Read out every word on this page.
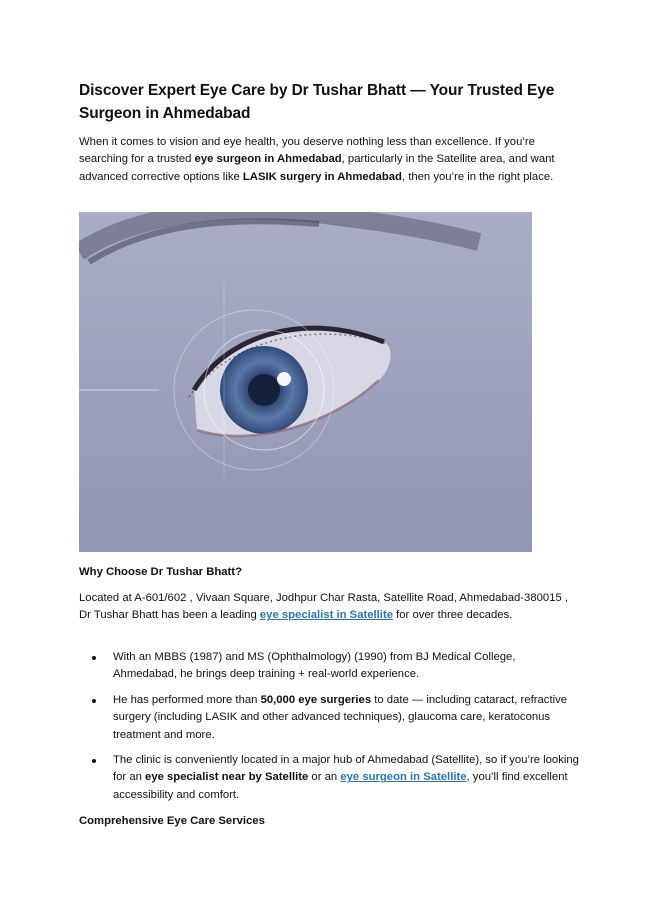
Discover Expert Eye Care by Dr Tushar Bhatt — Your Trusted Eye Surgeon in Ahmedabad
When it comes to vision and eye health, you deserve nothing less than excellence. If you’re searching for a trusted eye surgeon in Ahmedabad, particularly in the Satellite area, and want advanced corrective options like LASIK surgery in Ahmedabad, then you’re in the right place.
Why Choose Dr Tushar Bhatt?
Located at A-601/602 , Vivaan Square, Jodhpur Char Rasta, Satellite Road, Ahmedabad-380015 , Dr Tushar Bhatt has been a leading eye specialist in Satellite for over three decades.
With an MBBS (1987) and MS (Ophthalmology) (1990) from BJ Medical College, Ahmedabad, he brings deep training + real-world experience.
He has performed more than 50,000 eye surgeries to date — including cataract, refractive surgery (including LASIK and other advanced techniques), glaucoma care, keratoconus treatment and more.
The clinic is conveniently located in a major hub of Ahmedabad (Satellite), so if you’re looking for an eye specialist near by Satellite or an eye surgeon in Satellite, you’ll find excellent accessibility and comfort.
Comprehensive Eye Care Services
